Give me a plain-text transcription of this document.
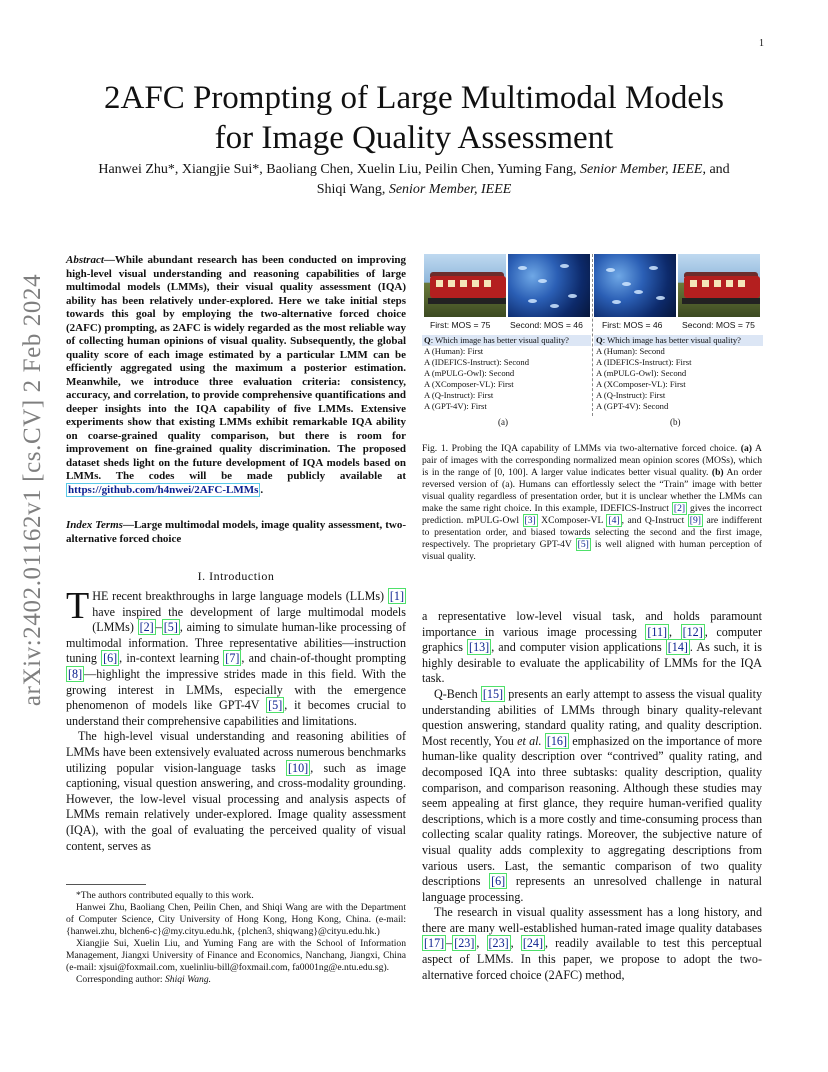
1
arXiv:2402.01162v1 [cs.CV] 2 Feb 2024
2AFC Prompting of Large Multimodal Models
for Image Quality Assessment
Hanwei Zhu*, Xiangjie Sui*, Baoliang Chen, Xuelin Liu, Peilin Chen, Yuming Fang, Senior Member, IEEE, and
Shiqi Wang, Senior Member, IEEE
Abstract—While abundant research has been conducted on improving high-level visual understanding and reasoning capabilities of large multimodal models (LMMs), their visual quality assessment (IQA) ability has been relatively under-explored. Here we take initial steps towards this goal by employing the two-alternative forced choice (2AFC) prompting, as 2AFC is widely regarded as the most reliable way of collecting human opinions of visual quality. Subsequently, the global quality score of each image estimated by a particular LMM can be efficiently aggregated using the maximum a posterior estimation. Meanwhile, we introduce three evaluation criteria: consistency, accuracy, and correlation, to provide comprehensive quantifications and deeper insights into the IQA capability of five LMMs. Extensive experiments show that existing LMMs exhibit remarkable IQA ability on coarse-grained quality comparison, but there is room for improvement on fine-grained quality discrimination. The proposed dataset sheds light on the future development of IQA models based on LMMs. The codes will be made publicly available at https://github.com/h4nwei/2AFC-LMMs .
Index Terms—Large multimodal models, image quality assessment, two-alternative forced choice
I. Introduction

THE recent breakthroughs in large language models (LLMs) [1] have inspired the development of large multimodal models (LMMs) [2] – [5] , aiming to simulate human-like processing of multimodal information. Three representative abilities—instruction tuning [6] , in-context learning [7] , and chain-of-thought prompting [8] —highlight the impressive strides made in this field. With the growing interest in LMMs, especially with the emergence phenomenon of models like GPT-4V [5] , it becomes crucial to understand their comprehensive capabilities and limitations.

The high-level visual understanding and reasoning abilities of LMMs have been extensively evaluated across numerous benchmarks utilizing popular vision-language tasks [10] , such as image captioning, visual question answering, and cross-modality grounding. However, the low-level visual processing and analysis aspects of LMMs remain relatively under-explored. Image quality assessment (IQA), with the goal of evaluating the perceived quality of visual content, serves as

*The authors contributed equally to this work.

Hanwei Zhu, Baoliang Chen, Peilin Chen, and Shiqi Wang are with the Department of Computer Science, City University of Hong Kong, Hong Kong, China. (e-mail: {hanwei.zhu, blchen6-c}@my.cityu.edu.hk, {plchen3, shiqwang}@cityu.edu.hk.)

Xiangjie Sui, Xuelin Liu, and Yuming Fang are with the School of Information Management, Jiangxi University of Finance and Economics, Nanchang, Jiangxi, China (e-mail: xjsui@foxmail.com, xuelinliu-bill@foxmail.com, fa0001ng@e.ntu.edu.sg).

Corresponding author: Shiqi Wang.

First: MOS = 75 Second: MOS = 46 First: MOS = 46 Second: MOS = 75
Q: Which image has better visual quality?	Q: Which image has better visual quality?
A (Human): First
A (IDEFICS-Instruct): Second
A (mPULG-Owl): Second
A (XComposer-VL): First
A (Q-Instruct): First
A (GPT-4V): First
A (Human): Second
A (IDEFICS-Instruct): First
A (mPULG-Owl): Second
A (XComposer-VL): First
A (Q-Instruct): First
A (GPT-4V): Second
(a)	(b)

Fig. 1. Probing the IQA capability of LMMs via two-alternative forced choice. (a) A pair of images with the corresponding normalized mean opinion scores (MOSs), which is in the range of [0, 100]. A larger value indicates better visual quality. (b) An order reversed version of (a). Humans can effortlessly select the “Train” image with better visual quality regardless of presentation order, but it is unclear whether the LMMs can make the same right choice. In this example, IDEFICS-Instruct [2] gives the incorrect prediction. mPULG-Owl [3] XComposer-VL [4] , and Q-Instruct [9] are indifferent to presentation order, and biased towards selecting the second and the first image, respectively. The proprietary GPT-4V [5] is well aligned with human perception of visual quality.

a representative low-level visual task, and holds paramount importance in various image processing [11] , [12] , computer graphics [13] , and computer vision applications [14] . As such, it is highly desirable to evaluate the applicability of LMMs for the IQA task.

Q-Bench [15] presents an early attempt to assess the visual quality understanding abilities of LMMs through binary quality-relevant question answering, standard quality rating, and quality description. Most recently, You et al. [16] emphasized on the importance of more human-like quality description over “contrived” quality rating, and decomposed IQA into three subtasks: quality description, quality comparison, and comparison reasoning. Although these studies may seem appealing at first glance, they require human-verified quality descriptions, which is a more costly and time-consuming process than collecting scalar quality ratings. Moreover, the subjective nature of visual quality adds complexity to aggregating descriptions from various users. Last, the semantic comparison of two quality descriptions [6] represents an unresolved challenge in natural language processing.

The research in visual quality assessment has a long history, and there are many well-established human-rated image quality databases [17] – [23] , [23] , [24] , readily available to test this perceptual aspect of LMMs. In this paper, we propose to adopt the two-alternative forced choice (2AFC) method,
